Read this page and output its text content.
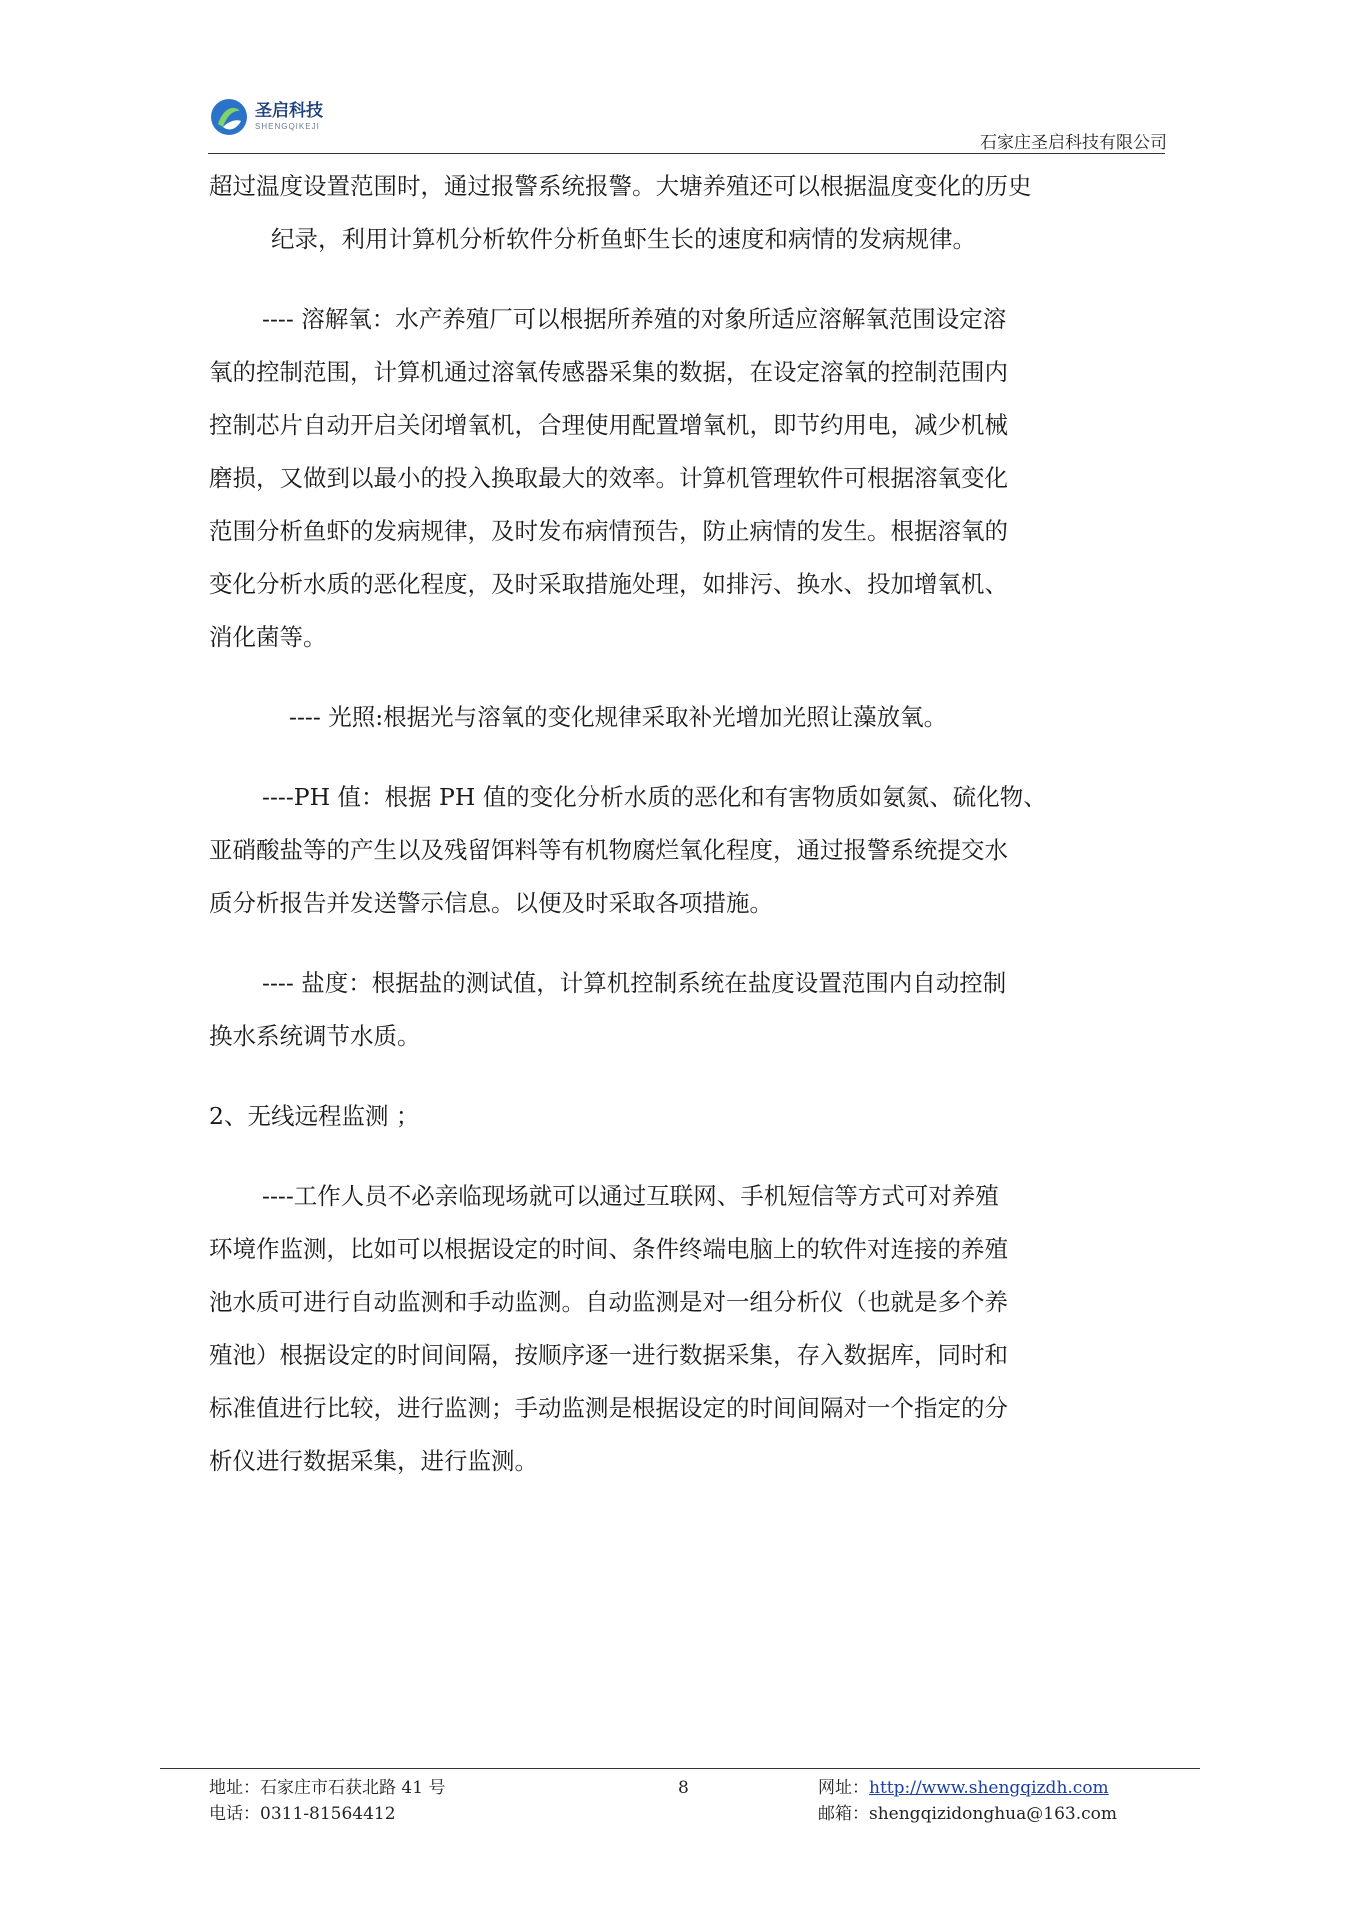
圣启科技
SHENGQIKEJI
石家庄圣启科技有限公司

超过温度设置范围时，通过报警系统报警。大塘养殖还可以根据温度变化的历史

纪录，利用计算机分析软件分析鱼虾生长的速度和病情的发病规律。

---- 溶解氧：水产养殖厂可以根据所养殖的对象所适应溶解氧范围设定溶

氧的控制范围，计算机通过溶氧传感器采集的数据，在设定溶氧的控制范围内

控制芯片自动开启关闭增氧机，合理使用配置增氧机，即节约用电，减少机械

磨损，又做到以最小的投入换取最大的效率。计算机管理软件可根据溶氧变化

范围分析鱼虾的发病规律，及时发布病情预告，防止病情的发生。根据溶氧的

变化分析水质的恶化程度，及时采取措施处理，如排污、换水、投加增氧机、

消化菌等。

---- 光照:根据光与溶氧的变化规律采取补光增加光照让藻放氧。

----PH 值：根据 PH 值的变化分析水质的恶化和有害物质如氨氮、硫化物、

亚硝酸盐等的产生以及残留饵料等有机物腐烂氧化程度，通过报警系统提交水

质分析报告并发送警示信息。以便及时采取各项措施。

---- 盐度：根据盐的测试值，计算机控制系统在盐度设置范围内自动控制

换水系统调节水质。

2、无线远程监测 ；

----工作人员不必亲临现场就可以通过互联网、手机短信等方式可对养殖

环境作监测，比如可以根据设定的时间、条件终端电脑上的软件对连接的养殖

池水质可进行自动监测和手动监测。自动监测是对一组分析仪（也就是多个养

殖池）根据设定的时间间隔，按顺序逐一进行数据采集，存入数据库，同时和

标准值进行比较，进行监测；手动监测是根据设定的时间间隔对一个指定的分

析仪进行数据采集，进行监测。

地址：石家庄市石获北路 41 号
电话：0311-81564412
8	网址：http://www.shengqizdh.com
邮箱：shengqizidonghua@163.com
